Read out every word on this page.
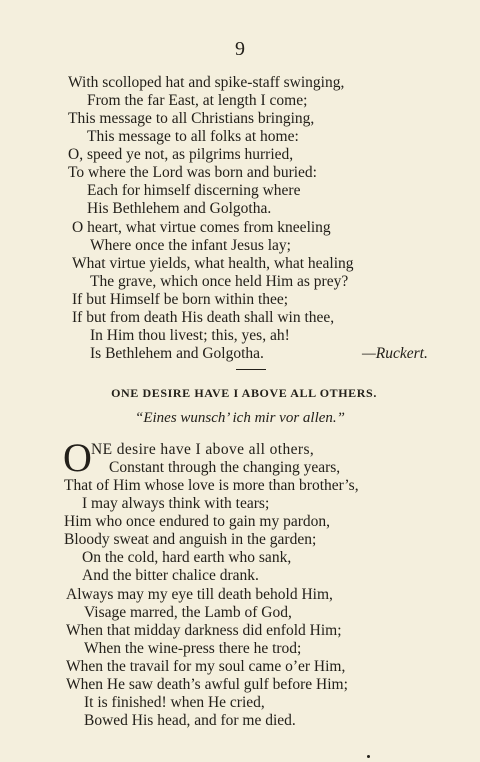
9
With scolloped hat and spike-staff swinging,
From the far East, at length I come;
This message to all Christians bringing,
This message to all folks at home:
O, speed ye not, as pilgrims hurried,
To where the Lord was born and buried:
Each for himself discerning where
His Bethlehem and Golgotha.
O heart, what virtue comes from kneeling
Where once the infant Jesus lay;
What virtue yields, what health, what healing
The grave, which once held Him as prey?
If but Himself be born within thee;
If but from death His death shall win thee,
In Him thou livest; this, yes, ah!
Is Bethlehem and Golgotha.	—Ruckert.
ONE DESIRE HAVE I ABOVE ALL OTHERS.
“Eines wunsch’ ich mir vor allen.”
O NE desire have I above all others,
Constant through the changing years,
That of Him whose love is more than brother’s,
I may always think with tears;
Him who once endured to gain my pardon,
Bloody sweat and anguish in the garden;
On the cold, hard earth who sank,
And the bitter chalice drank.
Always may my eye till death behold Him,
Visage marred, the Lamb of God,
When that midday darkness did enfold Him;
When the wine-press there he trod;
When the travail for my soul came o’er Him,
When He saw death’s awful gulf before Him;
It is finished! when He cried,
Bowed His head, and for me died.
